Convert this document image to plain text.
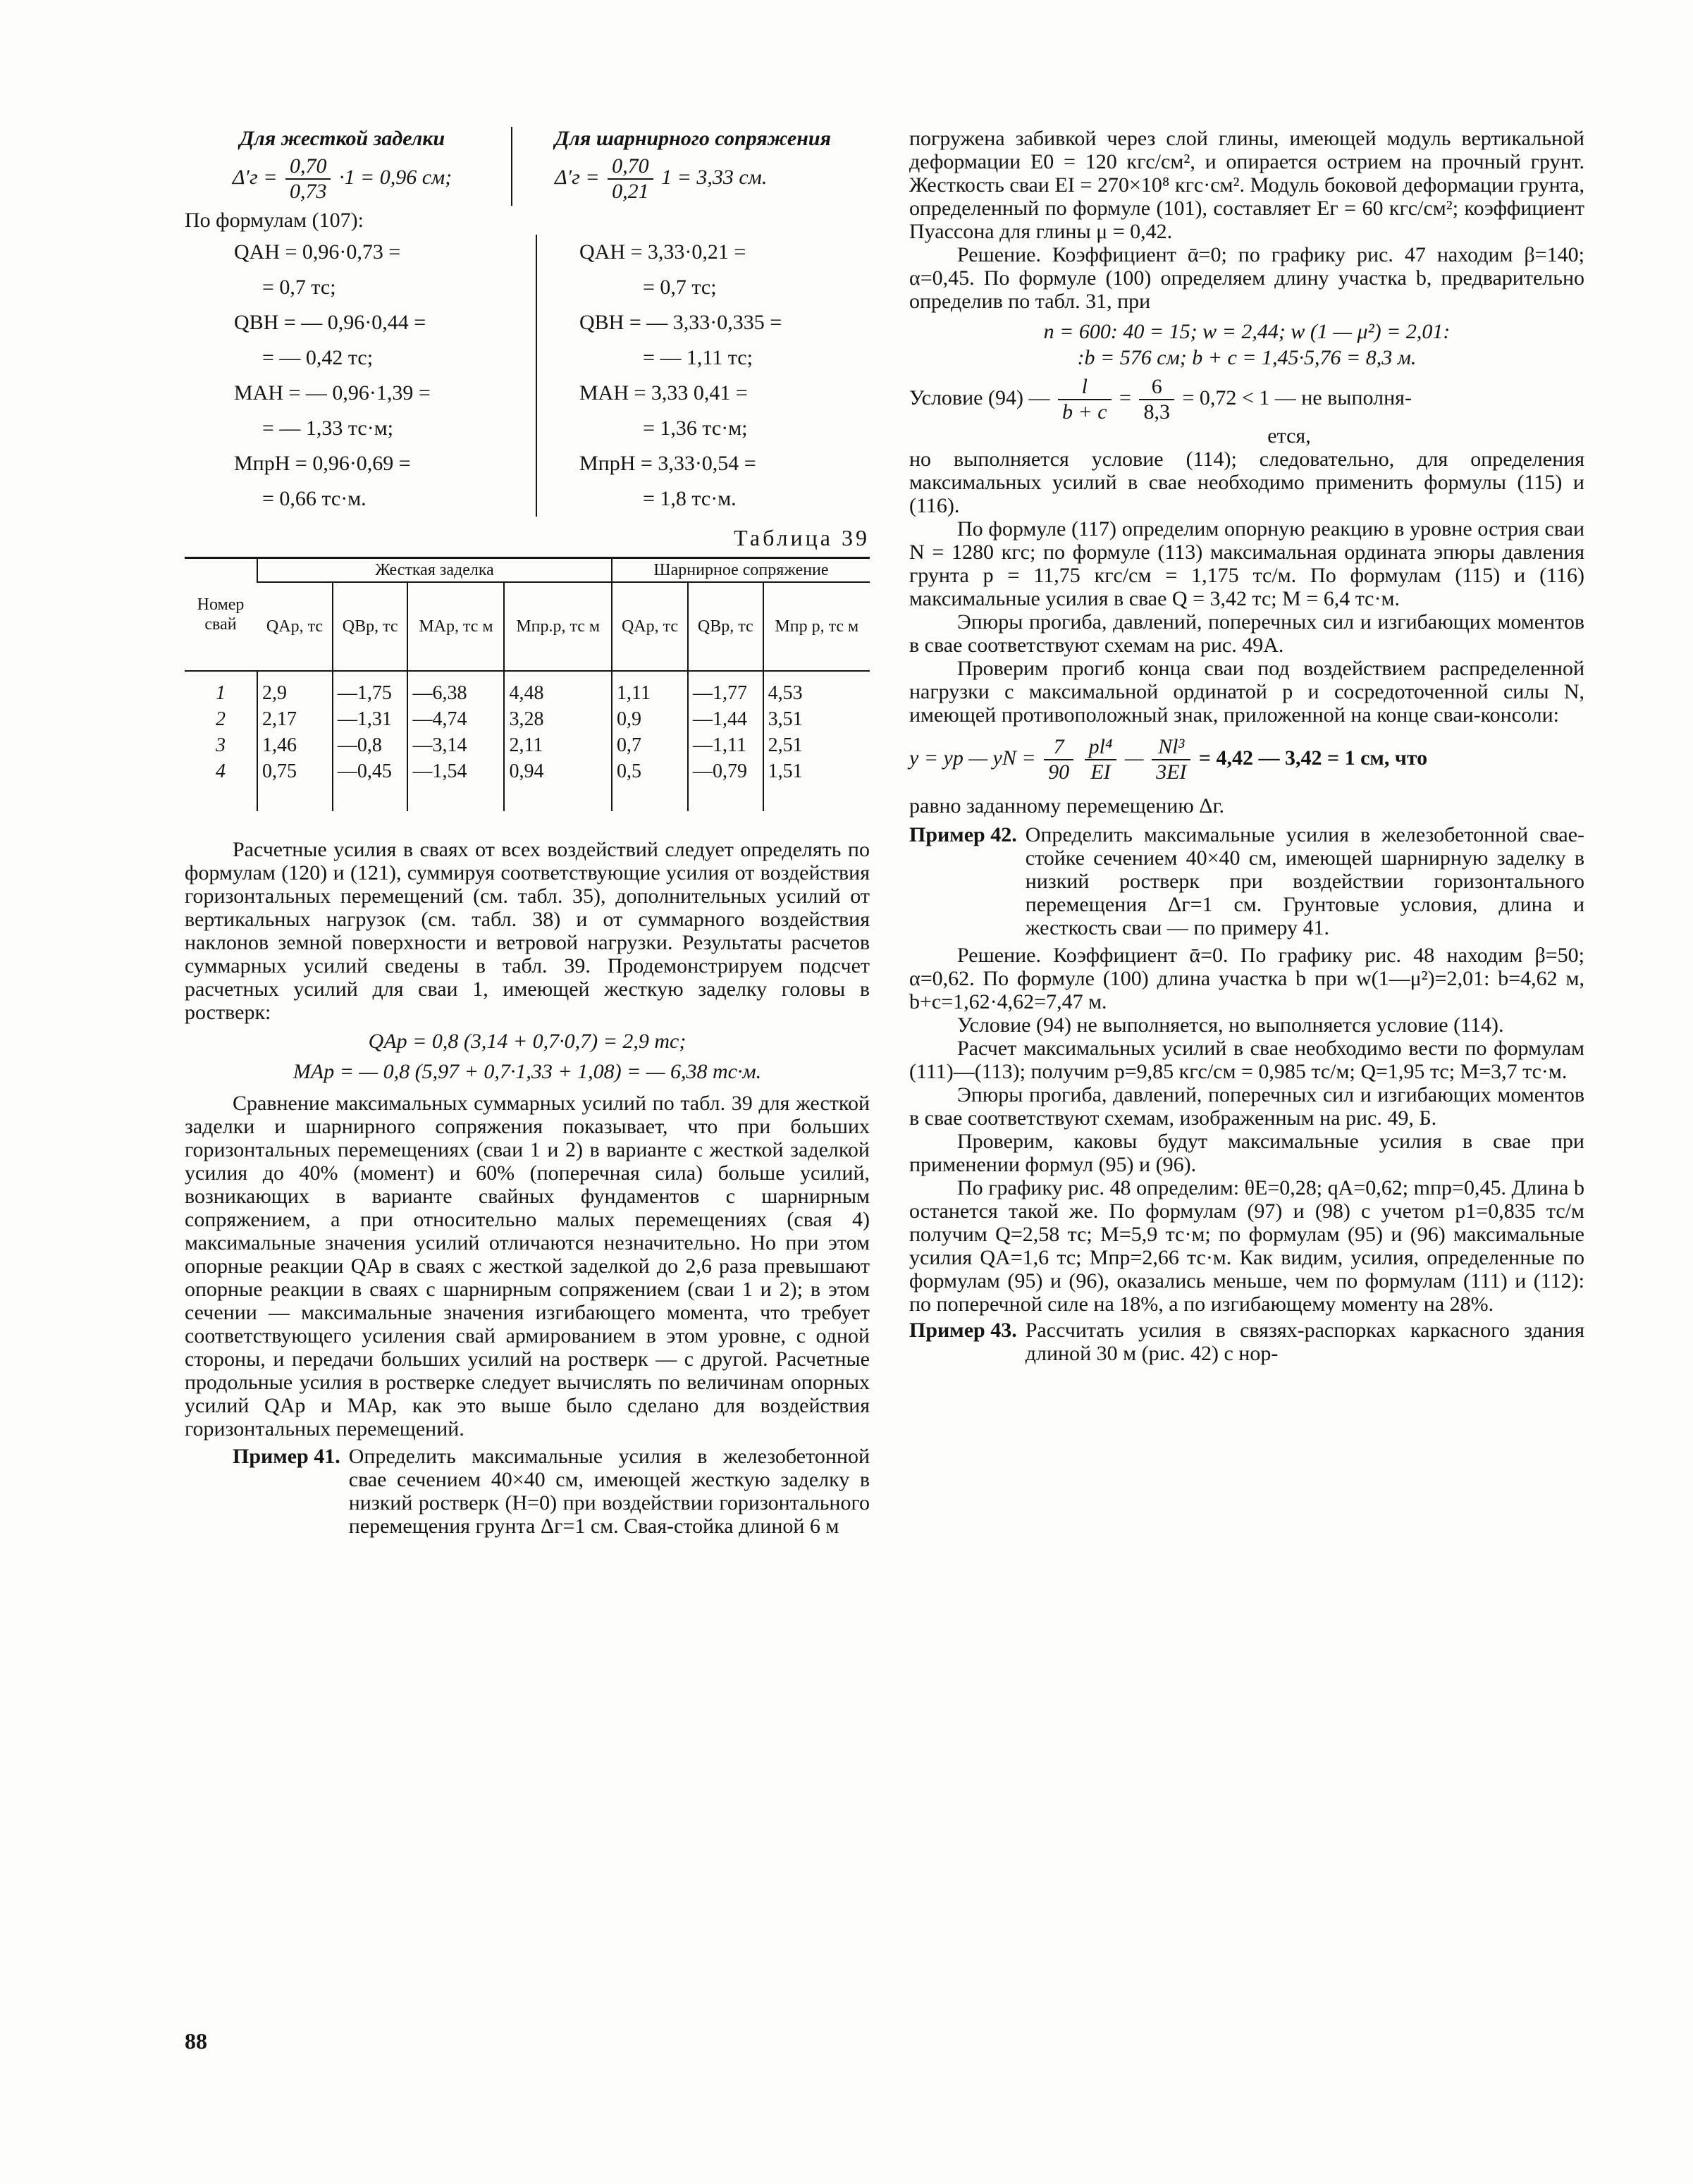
Для жесткой заделки
$\Delta'г = \frac{0,70}{0,73} \cdot 1 = 0,96$ см;
Для шарнирного сопряжения
$\Delta'г = \frac{0,70}{0,21} 1 = 3,33$ см.

По формулам (107):

QAH = 0,96·0,73 =
= 0,7 тс;
QBH = — 0,96·0,44 =
= — 0,42 тс;
MAH = — 0,96·1,39 =
= — 1,33 тс·м;
MпрH = 0,96·0,69 =
= 0,66 тс·м.
QAH = 3,33·0,21 =
= 0,7 тс;
QBH = — 3,33·0,335 =
= — 1,11 тс;
MAH = 3,33 0,41 =
= 1,36 тс·м;
MпрH = 3,33·0,54 =
= 1,8 тс·м.
Таблица 39
Номер свай	Жесткая заделка				Шарнирное сопряжение		
	QAр, тс	QBр, тс	MAр, тс м	Mпр.р, тс м	QAр, тс	QBр, тс	Mпр р, тс м
1	2,9	—1,75	—6,38	4,48	1,11	—1,77	4,53
2	2,17	—1,31	—4,74	3,28	0,9	—1,44	3,51
3	1,46	—0,8	—3,14	2,11	0,7	—1,11	2,51
4	0,75	—0,45	—1,54	0,94	0,5	—0,79	1,51

Расчетные усилия в сваях от всех воздействий следует определять по формулам (120) и (121), суммируя соответствующие усилия от воздействия горизонтальных перемещений (см. табл. 35), дополнительных усилий от вертикальных нагрузок (см. табл. 38) и от суммарного воздействия наклонов земной поверхности и ветровой нагрузки. Результаты расчетов суммарных усилий сведены в табл. 39. Продемонстрируем подсчет расчетных усилий для сваи 1, имеющей жесткую заделку головы в ростверк:

QAр = 0,8 (3,14 + 0,7·0,7) = 2,9 тс;

MAр = — 0,8 (5,97 + 0,7·1,33 + 1,08) = — 6,38 тс·м.

Сравнение максимальных суммарных усилий по табл. 39 для жесткой заделки и шарнирного сопряжения показывает, что при больших горизонтальных перемещениях (сваи 1 и 2) в варианте с жесткой заделкой усилия до 40% (момент) и 60% (поперечная сила) больше усилий, возникающих в варианте свайных фундаментов с шарнирным сопряжением, а при относительно малых перемещениях (свая 4) максимальные значения усилий отличаются незначительно. Но при этом опорные реакции QAр в сваях с жесткой заделкой до 2,6 раза превышают опорные реакции в сваях с шарнирным сопряжением (сваи 1 и 2); в этом сечении — максимальные значения изгибающего момента, что требует соответствующего усиления свай армированием в этом уровне, с одной стороны, и передачи больших усилий на ростверк — с другой. Расчетные продольные усилия в ростверке следует вычислять по величинам опорных усилий QAр и MAр, как это выше было сделано для воздействия горизонтальных перемещений.

Пример 41. Определить максимальные усилия в железобетонной свае сечением 40×40 см, имеющей жесткую заделку в низкий ростверк (H=0) при воздействии горизонтального перемещения грунта Δг=1 см. Свая-стойка длиной 6 м

погружена забивкой через слой глины, имеющей модуль вертикальной деформации E0 = 120 кгс/см², и опирается острием на прочный грунт. Жесткость сваи EI = 270×10⁸ кгс·см². Модуль боковой деформации грунта, определенный по формуле (101), составляет Eг = 60 кгс/см²; коэффициент Пуассона для глины μ = 0,42.

Решение. Коэффициент ᾱ=0; по графику рис. 47 находим β=140; α=0,45. По формуле (100) определяем длину участка b, предварительно определив по табл. 31, при

n = 600: 40 = 15; w = 2,44; w (1 — μ²) = 2,01:

:b = 576 см; b + c = 1,45·5,76 = 8,3 м.

Условие (94) — $\frac{l}{b + c} = \frac{6}{8,3} = 0,72 < 1$ — не выполня-

ется,

но выполняется условие (114); следовательно, для определения максимальных усилий в свае необходимо применить формулы (115) и (116).

По формуле (117) определим опорную реакцию в уровне острия сваи N = 1280 кгс; по формуле (113) максимальная ордината эпюры давления грунта p = 11,75 кгс/см = 1,175 тс/м. По формулам (115) и (116) максимальные усилия в свае Q = 3,42 тс; M = 6,4 тс·м.

Эпюры прогиба, давлений, поперечных сил и изгибающих моментов в свае соответствуют схемам на рис. 49А.

Проверим прогиб конца сваи под воздействием распределенной нагрузки с максимальной ординатой p и сосредоточенной силы N, имеющей противоположный знак, приложенной на конце сваи-консоли:

y = yp — yN = $\frac{7}{90}$
$\frac{\text{pl⁴}}{EI}$ — $\frac{\text{Nl³}}{3EI} = 4,42$ — 3,42 = 1 см, что

равно заданному перемещению Δг.

Пример 42. Определить максимальные усилия в железобетонной свае-стойке сечением 40×40 см, имеющей шарнирную заделку в низкий ростверк при воздействии горизонтального перемещения Δг=1 см. Грунтовые условия, длина и жесткость сваи — по примеру 41.

Решение. Коэффициент ᾱ=0. По графику рис. 48 находим β=50; α=0,62. По формуле (100) длина участка b при w(1—μ²)=2,01: b=4,62 м, b+c=1,62·4,62=7,47 м.

Условие (94) не выполняется, но выполняется условие (114).

Расчет максимальных усилий в свае необходимо вести по формулам (111)—(113); получим p=9,85 кгс/см = 0,985 тс/м; Q=1,95 тс; M=3,7 тс·м.

Эпюры прогиба, давлений, поперечных сил и изгибающих моментов в свае соответствуют схемам, изображенным на рис. 49, Б.

Проверим, каковы будут максимальные усилия в свае при применении формул (95) и (96).

По графику рис. 48 определим: θE=0,28; qA=0,62; mпр=0,45. Длина b останется такой же. По формулам (97) и (98) с учетом p1=0,835 тс/м получим Q=2,58 тс; M=5,9 тс·м; по формулам (95) и (96) максимальные усилия QA=1,6 тс; Mпр=2,66 тс·м. Как видим, усилия, определенные по формулам (95) и (96), оказались меньше, чем по формулам (111) и (112): по поперечной силе на 18%, а по изгибающему моменту на 28%.

Пример 43. Рассчитать усилия в связях-распорках каркасного здания длиной 30 м (рис. 42) с нор-
88
